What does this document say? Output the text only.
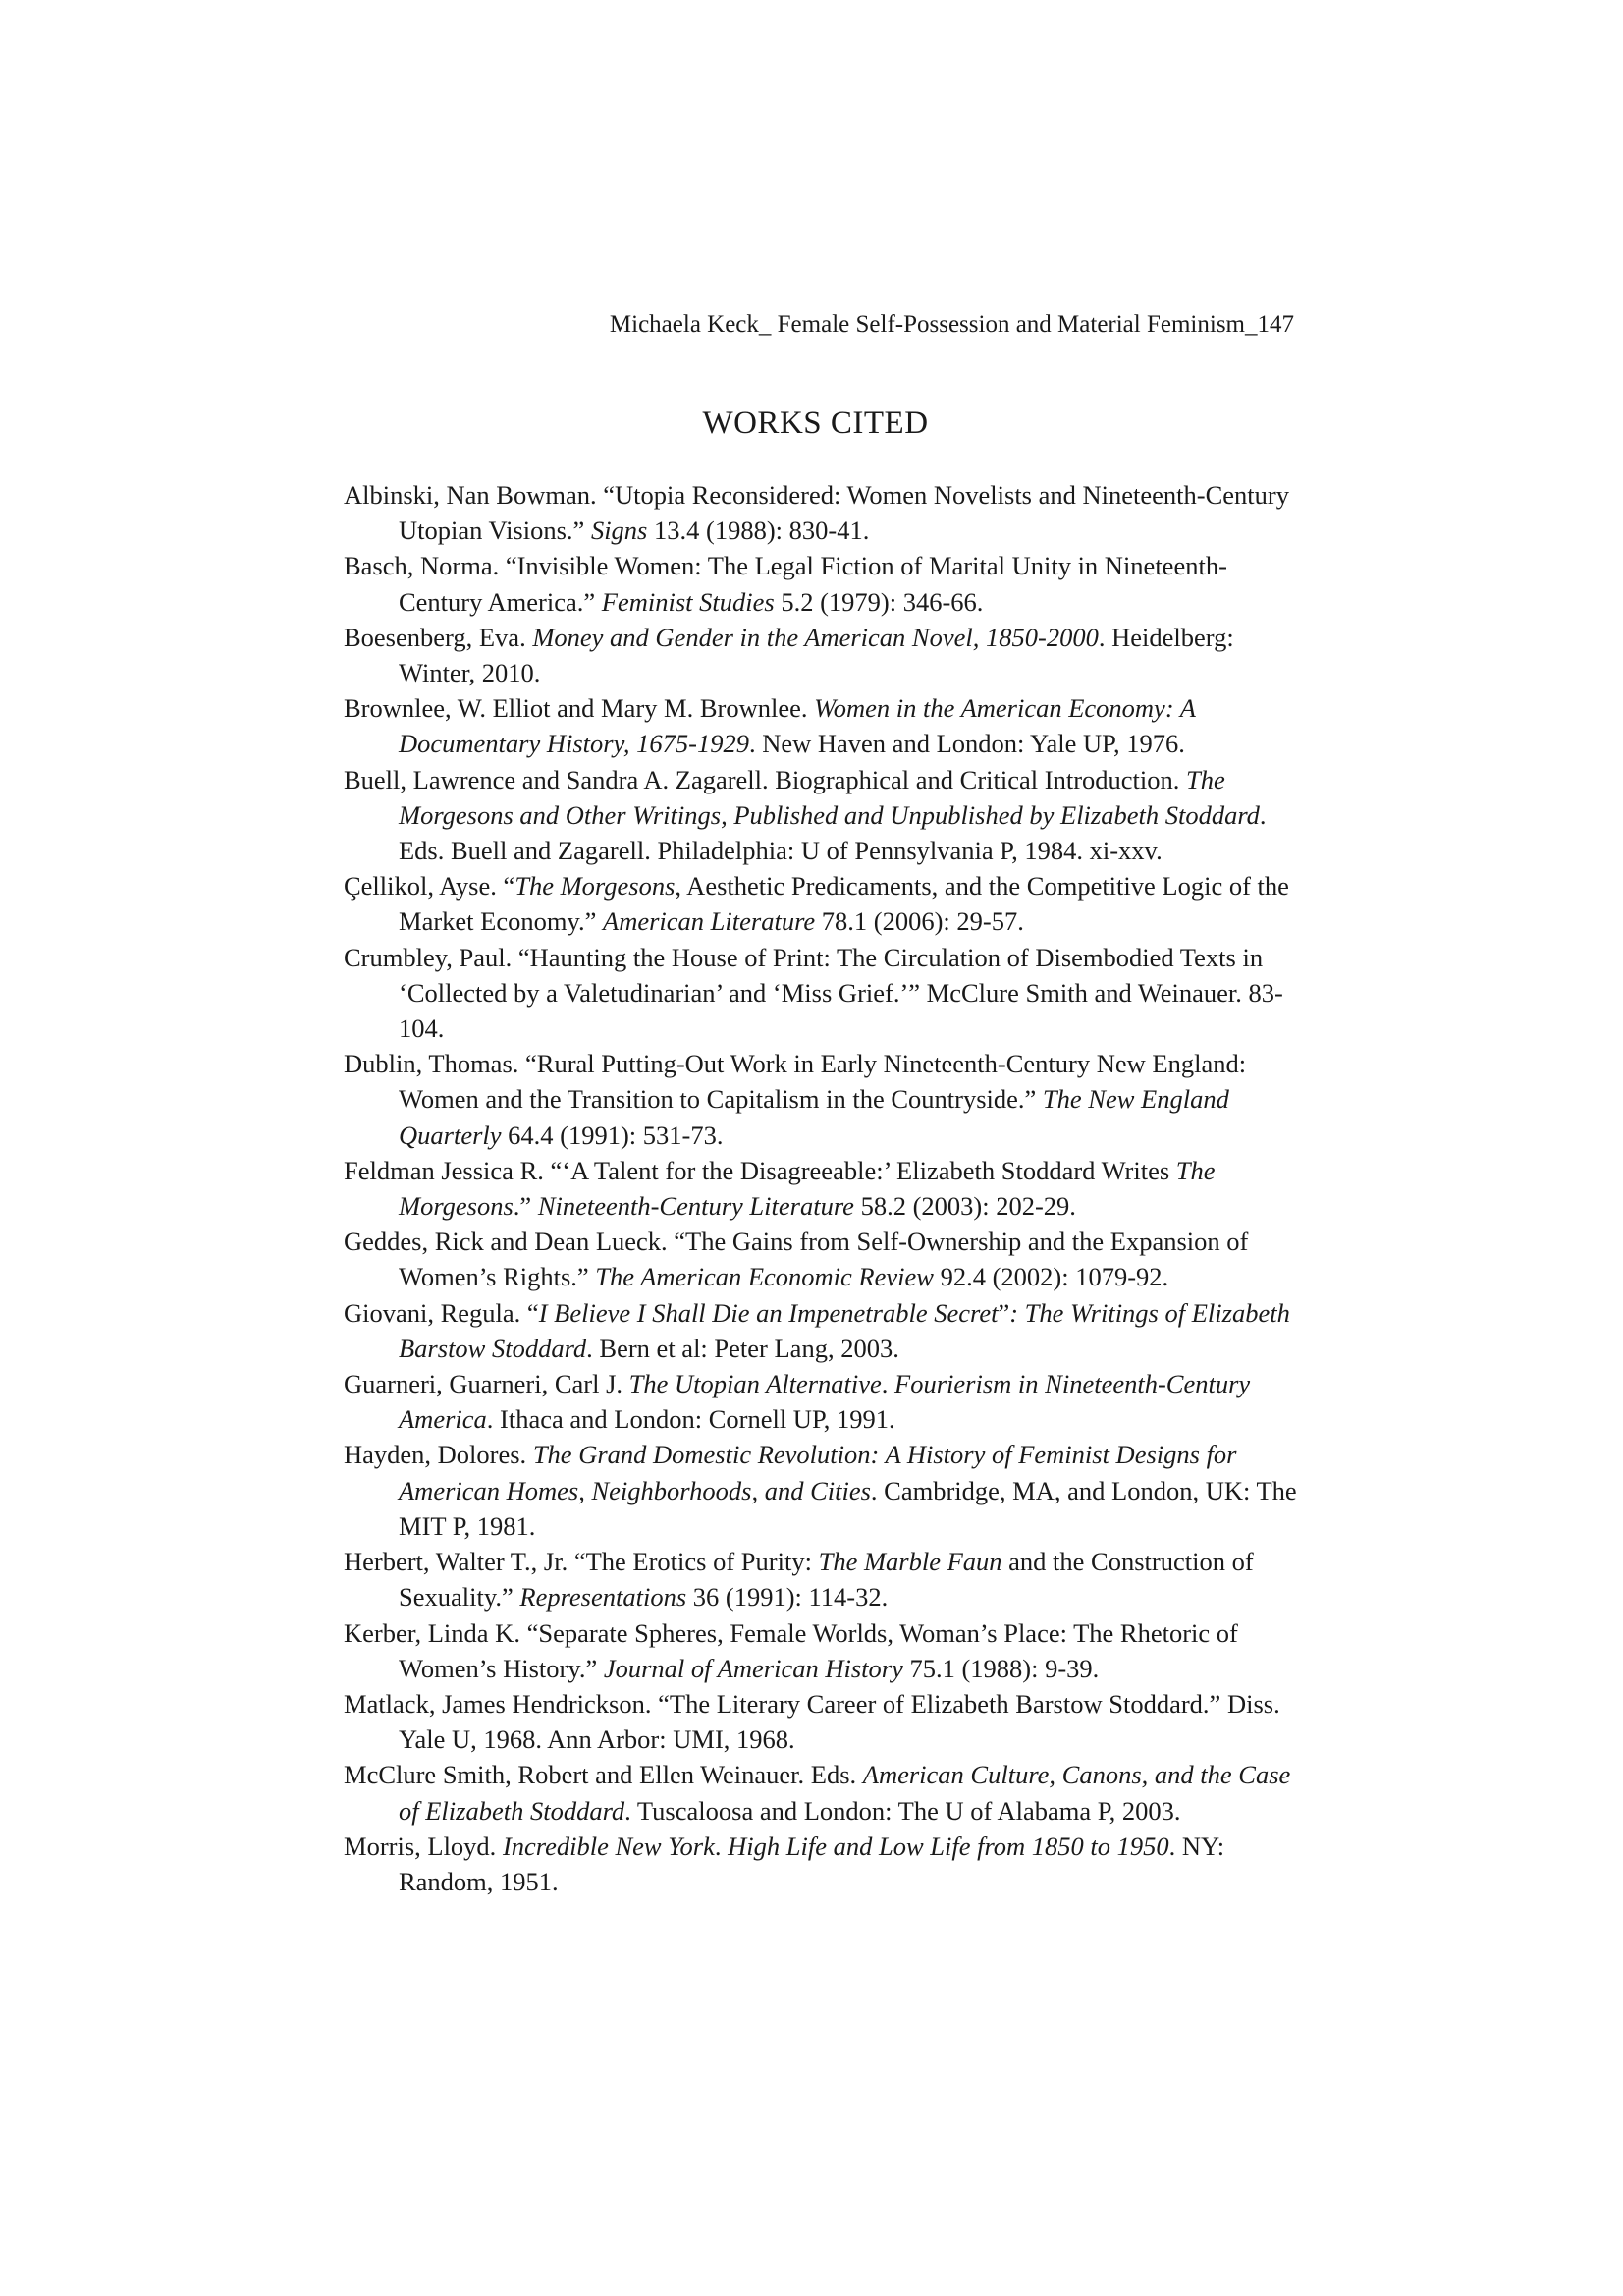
Michaela Keck_ Female Self-Possession and Material Feminism_147
WORKS CITED
Albinski, Nan Bowman. “Utopia Reconsidered: Women Novelists and Nineteenth-Century Utopian Visions.” Signs 13.4 (1988): 830-41.
Basch, Norma. “Invisible Women: The Legal Fiction of Marital Unity in Nineteenth-Century America.” Feminist Studies 5.2 (1979): 346-66.
Boesenberg, Eva. Money and Gender in the American Novel, 1850-2000. Heidelberg: Winter, 2010.
Brownlee, W. Elliot and Mary M. Brownlee. Women in the American Economy: A Documentary History, 1675-1929. New Haven and London: Yale UP, 1976.
Buell, Lawrence and Sandra A. Zagarell. Biographical and Critical Introduction. The Morgesons and Other Writings, Published and Unpublished by Elizabeth Stoddard. Eds. Buell and Zagarell. Philadelphia: U of Pennsylvania P, 1984. xi-xxv.
Çellikol, Ayse. “The Morgesons, Aesthetic Predicaments, and the Competitive Logic of the Market Economy.” American Literature 78.1 (2006): 29-57.
Crumbley, Paul. “Haunting the House of Print: The Circulation of Disembodied Texts in ‘Collected by a Valetudinarian’ and ‘Miss Grief.’” McClure Smith and Weinauer. 83-104.
Dublin, Thomas. “Rural Putting-Out Work in Early Nineteenth-Century New England: Women and the Transition to Capitalism in the Countryside.” The New England Quarterly 64.4 (1991): 531-73.
Feldman Jessica R. “‘A Talent for the Disagreeable:’ Elizabeth Stoddard Writes The Morgesons.” Nineteenth-Century Literature 58.2 (2003): 202-29.
Geddes, Rick and Dean Lueck. “The Gains from Self-Ownership and the Expansion of Women’s Rights.” The American Economic Review 92.4 (2002): 1079-92.
Giovani, Regula. “I Believe I Shall Die an Impenetrable Secret”: The Writings of Elizabeth Barstow Stoddard. Bern et al: Peter Lang, 2003.
Guarneri, Guarneri, Carl J. The Utopian Alternative. Fourierism in Nineteenth-Century America. Ithaca and London: Cornell UP, 1991.
Hayden, Dolores. The Grand Domestic Revolution: A History of Feminist Designs for American Homes, Neighborhoods, and Cities. Cambridge, MA, and London, UK: The MIT P, 1981.
Herbert, Walter T., Jr. “The Erotics of Purity: The Marble Faun and the Construction of Sexuality.” Representations 36 (1991): 114-32.
Kerber, Linda K. “Separate Spheres, Female Worlds, Woman’s Place: The Rhetoric of Women’s History.” Journal of American History 75.1 (1988): 9-39.
Matlack, James Hendrickson. “The Literary Career of Elizabeth Barstow Stoddard.” Diss. Yale U, 1968. Ann Arbor: UMI, 1968.
McClure Smith, Robert and Ellen Weinauer. Eds. American Culture, Canons, and the Case of Elizabeth Stoddard. Tuscaloosa and London: The U of Alabama P, 2003.
Morris, Lloyd. Incredible New York. High Life and Low Life from 1850 to 1950. NY: Random, 1951.
